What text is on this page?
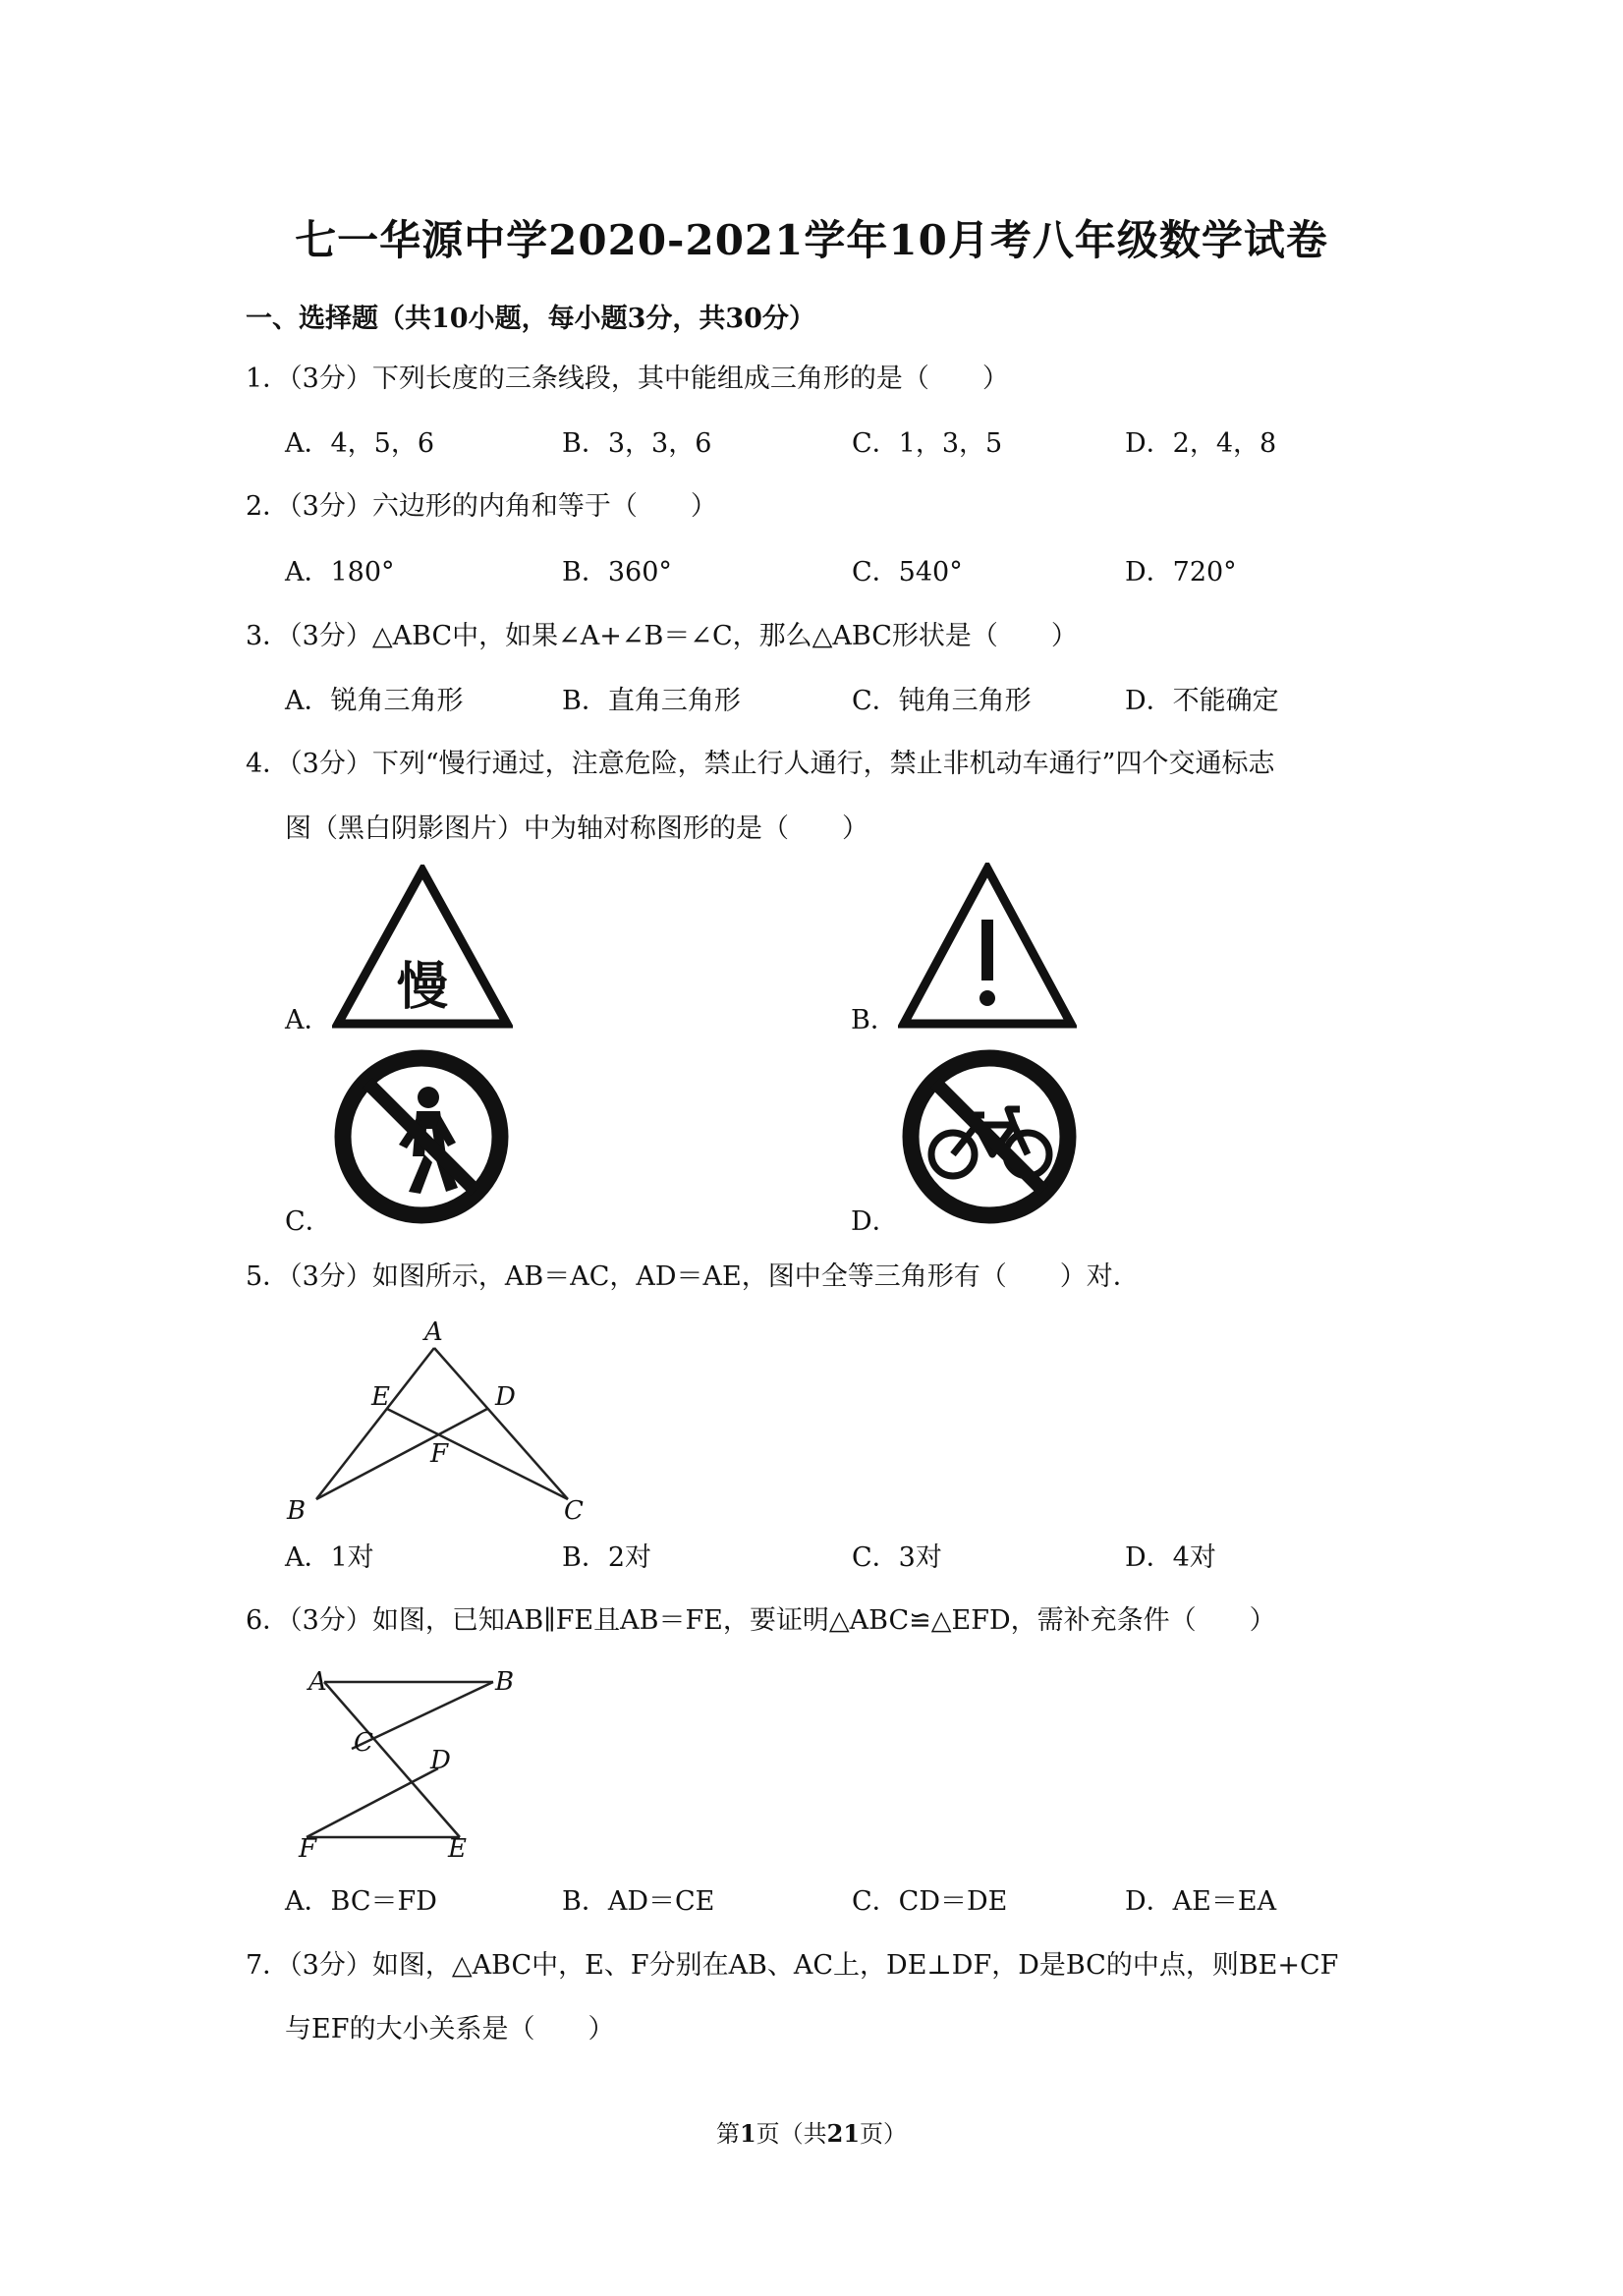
七一华源中学2020-2021学年10月考八年级数学试卷
一、选择题（共10小题，每小题3分，共30分）
1．（3分）下列长度的三条线段，其中能组成三角形的是（　　）
A．4，5，6	B．3，3，6	C．1，3，5	D．2，4，8
2．（3分）六边形的内角和等于（　　）
A．180°	B．360°	C．540°	D．720°
3．（3分）△ABC中，如果∠A+∠B＝∠C，那么△ABC形状是（　　）
A．锐角三角形	B．直角三角形	C．钝角三角形	D．不能确定
4．（3分）下列“慢行通过，注意危险，禁止行人通行，禁止非机动车通行”四个交通标志
图（黑白阴影图片）中为轴对称图形的是（　　）
A．
慢
B．
C．	D．
5．（3分）如图所示，AB＝AC，AD＝AE，图中全等三角形有（　　）对．
A
E	D
F
B	C
A．1对	B．2对	C．3对	D．4对
6．（3分）如图，已知AB∥FE且AB＝FE，要证明△ABC≌△EFD，需补充条件（　　）
A	B
C
D
F	E
A．BC＝FD	B．AD＝CE	C．CD＝DE	D．AE＝EA
7．（3分）如图，△ABC中，E、F分别在AB、AC上，DE⊥DF，D是BC的中点，则BE+CF
与EF的大小关系是（　　）
第1页（共21页）
